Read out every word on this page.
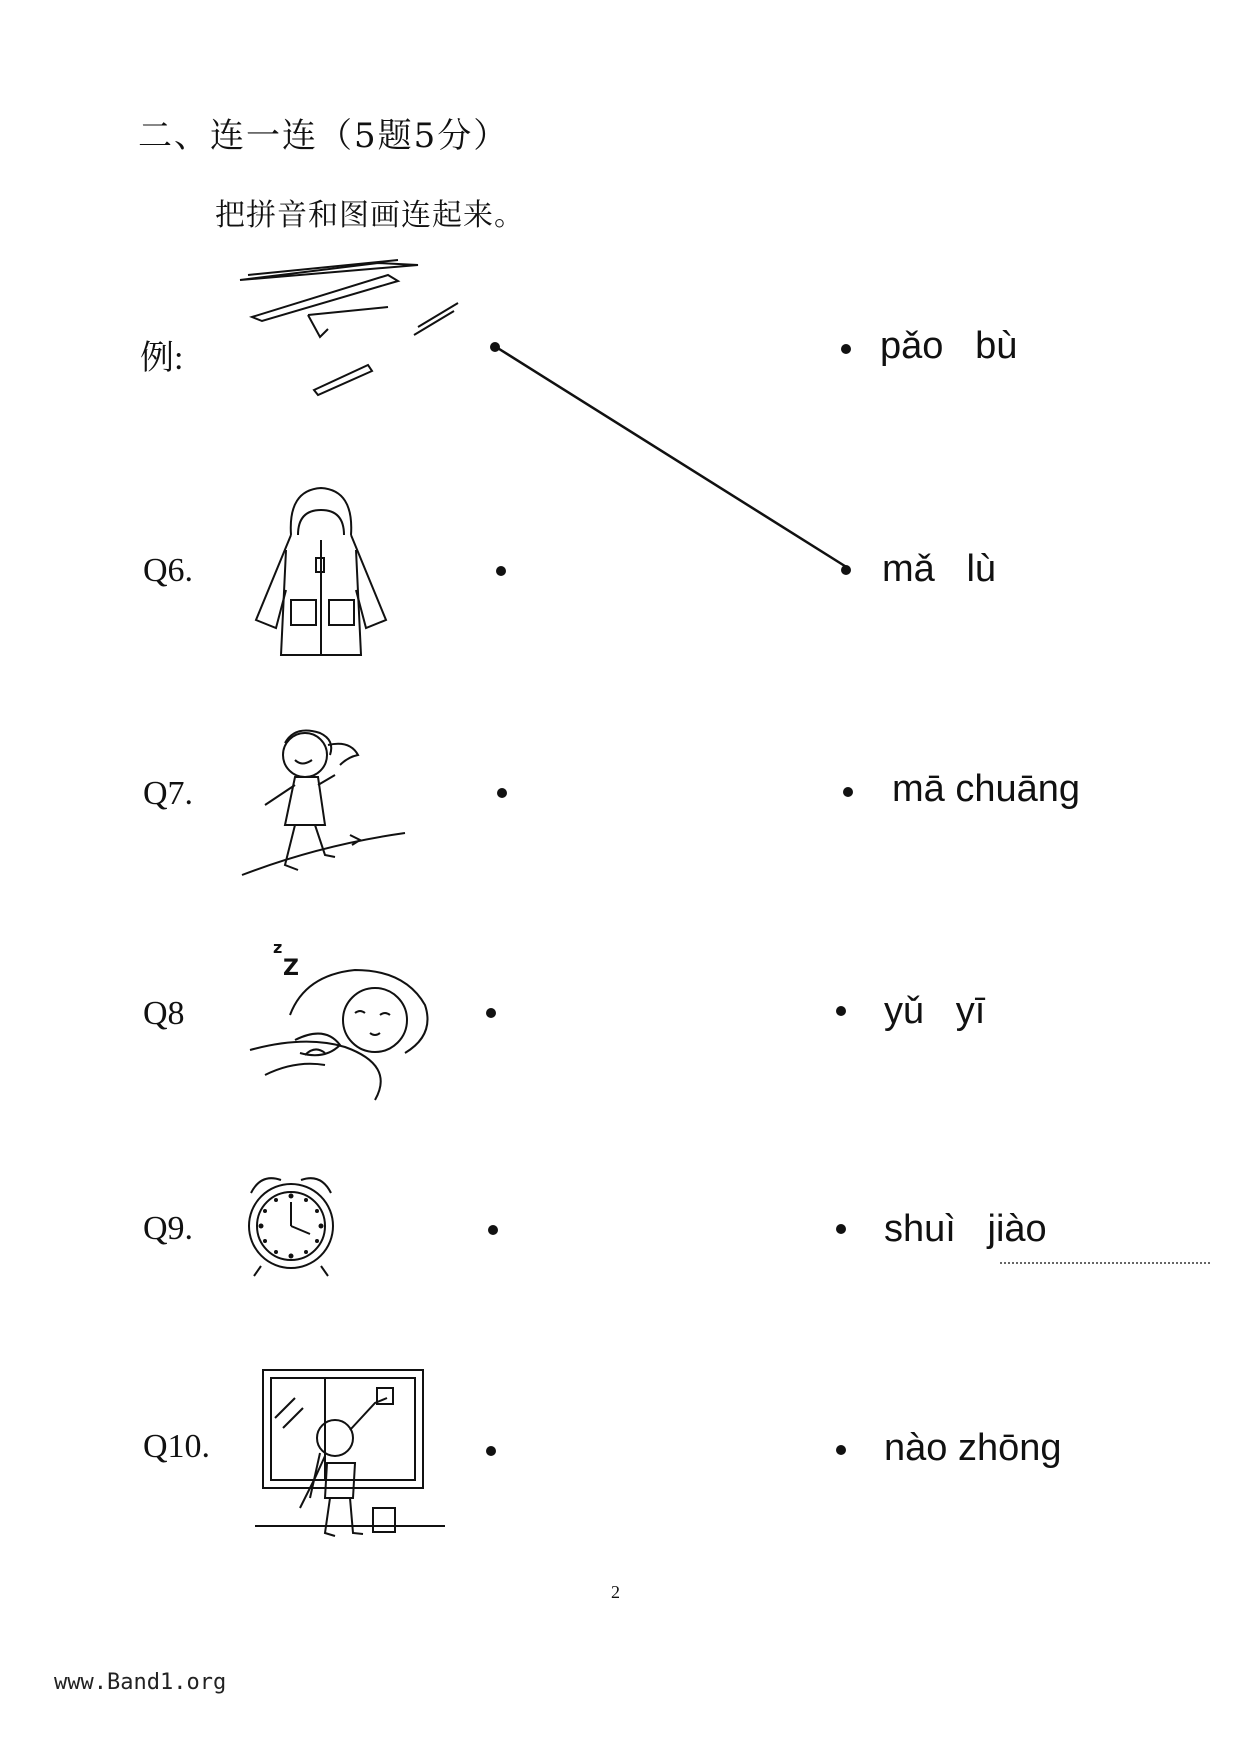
二、连一连（5题5分）
把拼音和图画连起来。
例:
Q6.
Q7.
Q8
z
Z
Q9.
Q10.
pǎo   bù
mǎ   lù
mā chuāng
yǔ   yī
shuì   jiào
nào zhōng
2
www.Band1.org
